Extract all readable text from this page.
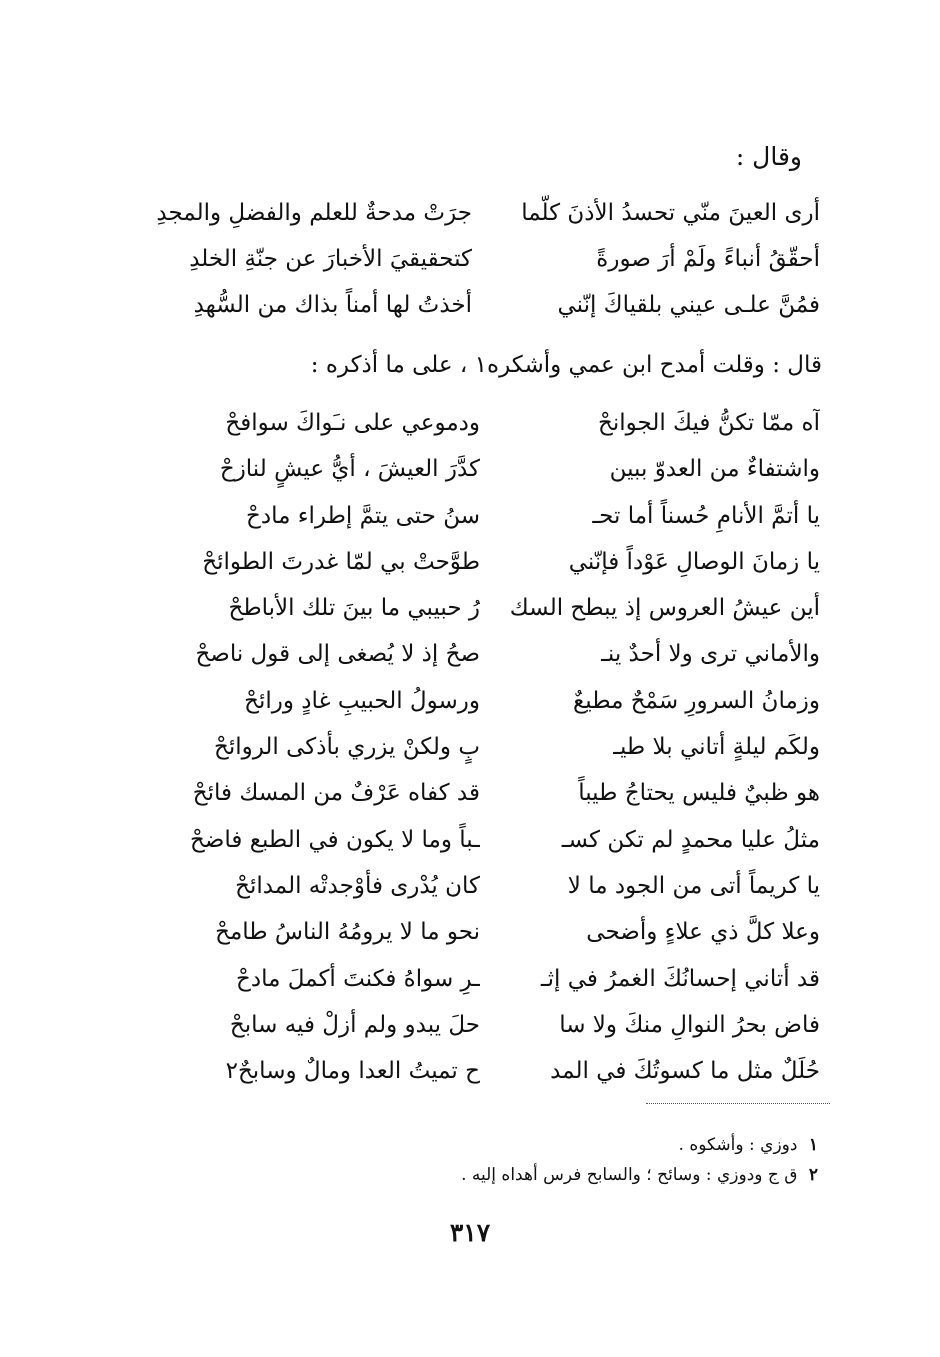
وقال :
أرى العينَ منّي تحسدُ الأذنَ كلّما
جرَتْ مدحةٌ للعلم والفضلِ والمجدِ
أحقّقُ أنباءً ولَمْ أرَ صورةً
كتحقيقيَ الأخبارَ عن جنّةِ الخلدِ
فمُنَّ علـى عيني بلقياكَ إنّني
أخذتُ لها أمناً بذاك من السُّهدِ
قال : وقلت أمدح ابن عمي وأشكره١ ، على ما أذكره :
آه ممّا تكنُّ فيكَ الجوانحْ
ودموعي على نـَواكَ سوافحْ
واشتفاءٌ من العدوّ ببين
كدَّرَ العيشَ ، أيُّ عيشٍ لنازحْ
يا أتمَّ الأنامِ حُسناً أما تحـ
سنُ حتى يتمَّ إطراء مادحْ
يا زمانَ الوصالِ عَوْداً فإنّني
طوَّحتْ بي لمّا غدرتَ الطوائحْ
أين عيشُ العروس إذ يبطح السك
رُ حبيبي ما بينَ تلك الأباطحْ
والأماني ترى ولا أحدٌ ينـ
صحُ إذ لا يُصغى إلى قول ناصحْ
وزمانُ السرورِ سَمْحٌ مطيعٌ
ورسولُ الحبيبِ غادٍ ورائحْ
ولكَم ليلةٍ أتاني بلا طيـ
بٍ ولكنْ يزري بأذكى الروائحْ
هو ظبيٌ فليس يحتاجُ طيباً
قد كفاه عَرْفٌ من المسك فائحْ
مثلُ عليا محمدٍ لم تكن كسـ
ـباً وما لا يكون في الطبع فاضحْ
يا كريماً أتى من الجود ما لا
كان يُدْرى فأوْجدتْه المدائحْ
وعلا كلَّ ذي علاءٍ وأضحى
نحو ما لا يرومُهُ الناسُ طامحْ
قد أتاني إحسانُكَ الغمرُ في إثـ
ـرِ سواهُ فكنتَ أكملَ مادحْ
فاض بحرُ النوالِ منكَ ولا سا
حلَ يبدو ولم أزلْ فيه سابحْ
حُلَلٌ مثل ما كسوتُكَ في المد
ح تميتُ العدا ومالٌ وسابحٌ٢
١ دوزي : وأشكوه .
٢ ق ج ودوزي : وسائح ؛ والسابح فرس أهداه إليه .
٣١٧
